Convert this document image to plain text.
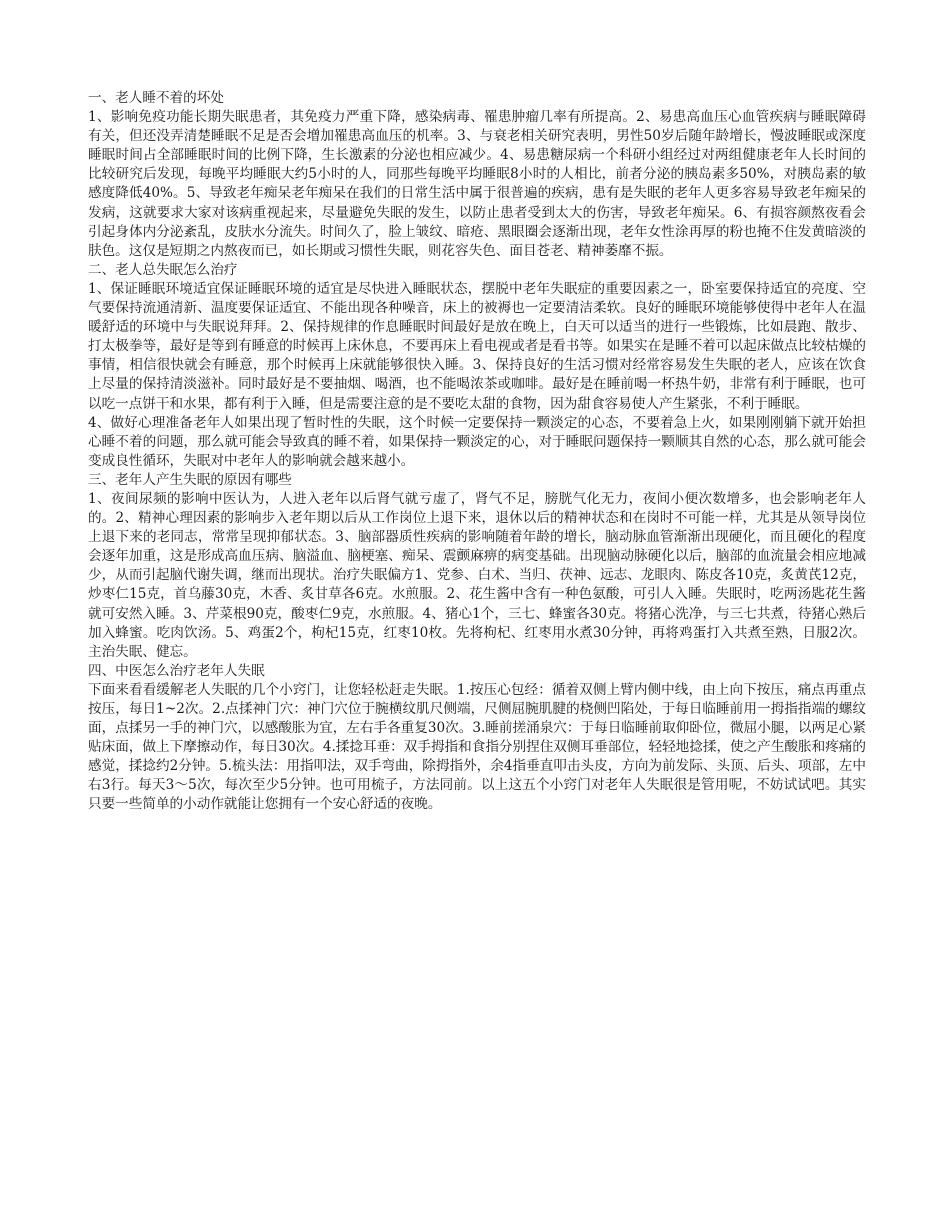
一、老人睡不着的坏处

1、影响免疫功能长期失眠患者，其免疫力严重下降，感染病毒、罹患肿瘤几率有所提高。2、易患高血压心血管疾病与睡眠障碍有关，但还没弄清楚睡眠不足是否会增加罹患高血压的机率。3、与衰老相关研究表明，男性50岁后随年龄增长，慢波睡眠或深度睡眠时间占全部睡眠时间的比例下降，生长激素的分泌也相应减少。4、易患糖尿病一个科研小组经过对两组健康老年人长时间的比较研究后发现，每晚平均睡眠大约5小时的人，同那些每晚平均睡眠8小时的人相比，前者分泌的胰岛素多50%，对胰岛素的敏感度降低40%。5、导致老年痴呆老年痴呆在我们的日常生活中属于很普遍的疾病，患有是失眠的老年人更多容易导致老年痴呆的发病，这就要求大家对该病重视起来，尽量避免失眠的发生，以防止患者受到太大的伤害，导致老年痴呆。6、有损容颜熬夜看会引起身体内分泌紊乱，皮肤水分流失。时间久了，脸上皱纹、暗疮、黑眼圈会逐渐出现，老年女性涂再厚的粉也掩不住发黄暗淡的肤色。这仅是短期之内熬夜而已，如长期或习惯性失眠，则花容失色、面目苍老、精神萎靡不振。

二、老人总失眠怎么治疗

1、保证睡眠环境适宜保证睡眠环境的适宜是尽快进入睡眠状态，摆脱中老年失眠症的重要因素之一，卧室要保持适宜的亮度、空气要保持流通清新、温度要保证适宜、不能出现各种噪音，床上的被褥也一定要清洁柔软。良好的睡眠环境能够使得中老年人在温暖舒适的环境中与失眠说拜拜。2、保持规律的作息睡眠时间最好是放在晚上，白天可以适当的进行一些锻炼，比如晨跑、散步、打太极拳等，最好是等到有睡意的时候再上床休息，不要再床上看电视或者是看书等。如果实在是睡不着可以起床做点比较枯燥的事情，相信很快就会有睡意，那个时候再上床就能够很快入睡。3、保持良好的生活习惯对经常容易发生失眠的老人，应该在饮食上尽量的保持清淡滋补。同时最好是不要抽烟、喝酒，也不能喝浓茶或咖啡。最好是在睡前喝一杯热牛奶，非常有利于睡眠，也可以吃一点饼干和水果，都有利于入睡，但是需要注意的是不要吃太甜的食物，因为甜食容易使人产生紧张，不利于睡眠。

4、做好心理准备老年人如果出现了暂时性的失眠，这个时候一定要保持一颗淡定的心态，不要着急上火，如果刚刚躺下就开始担心睡不着的问题，那么就可能会导致真的睡不着，如果保持一颗淡定的心，对于睡眠问题保持一颗顺其自然的心态，那么就可能会变成良性循环，失眠对中老年人的影响就会越来越小。

三、老年人产生失眠的原因有哪些

1、夜间尿频的影响中医认为，人进入老年以后肾气就亏虚了，肾气不足，膀胱气化无力，夜间小便次数增多，也会影响老年人的。2、精神心理因素的影响步入老年期以后从工作岗位上退下来，退休以后的精神状态和在岗时不可能一样，尤其是从领导岗位上退下来的老同志，常常呈现抑郁状态。3、脑部器质性疾病的影响随着年龄的增长，脑动脉血管渐渐出现硬化，而且硬化的程度会逐年加重，这是形成高血压病、脑溢血、脑梗塞、痴呆、震颤麻痹的病变基础。出现脑动脉硬化以后，脑部的血流量会相应地减少，从而引起脑代谢失调，继而出现状。治疗失眠偏方1、党参、白术、当归、茯神、远志、龙眼肉、陈皮各10克，炙黄芪12克，炒枣仁15克，首乌藤30克，木香、炙甘草各6克。水煎服。2、花生酱中含有一种色氨酸，可引人入睡。失眠时，吃两汤匙花生酱就可安然入睡。3、芹菜根90克，酸枣仁9克，水煎服。4、猪心1个，三七、蜂蜜各30克。将猪心洗净，与三七共煮，待猪心熟后加入蜂蜜。吃肉饮汤。5、鸡蛋2个，枸杞15克，红枣10枚。先将枸杞、红枣用水煮30分钟，再将鸡蛋打入共煮至熟，日服2次。主治失眠、健忘。

四、中医怎么治疗老年人失眠

下面来看看缓解老人失眠的几个小窍门，让您轻松赶走失眠。1.按压心包经：循着双侧上臂内侧中线，由上向下按压，痛点再重点按压，每日1~2次。2.点揉神门穴：神门穴位于腕横纹肌尺侧端，尺侧屈腕肌腱的桡侧凹陷处，于每日临睡前用一拇指指端的螺纹面，点揉另一手的神门穴，以感酸胀为宜，左右手各重复30次。3.睡前搓涌泉穴：于每日临睡前取仰卧位，微屈小腿，以两足心紧贴床面，做上下摩擦动作，每日30次。4.揉捻耳垂：双手拇指和食指分别捏住双侧耳垂部位，轻轻地捻揉，使之产生酸胀和疼痛的感觉，揉捻约2分钟。5.梳头法：用指叩法，双手弯曲，除拇指外，余4指垂直叩击头皮，方向为前发际、头顶、后头、项部，左中右3行。每天3～5次，每次至少5分钟。也可用梳子，方法同前。以上这五个小窍门对老年人失眠很是管用呢，不妨试试吧。其实只要一些简单的小动作就能让您拥有一个安心舒适的夜晚。
